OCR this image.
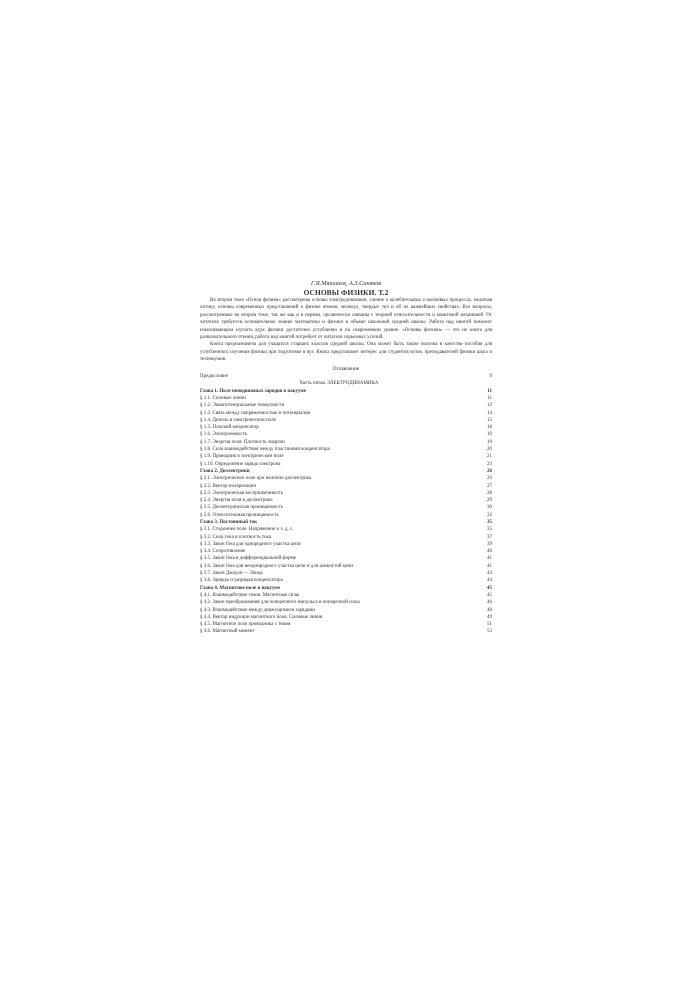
Г.Я.Мякишев, А.З.Синяков
ОСНОВЫ ФИЗИКИ. Т.2

Во втором томе «Основ физики» рассмотрены основы электродинамики, учение о колебательных и волновых процессах, включая оптику, основы современных представлений о физике атомов, молекул, твердых тел и об их важнейших свойствах. Все вопросы, рассмотренные во втором томе, так же как и в первом, органически связаны с теорией относительности и квантовой механикой. От читателя требуется основательное знание математики и физики в объеме школьной средней школы. Работа над книгой поможет изыскивающим изучить курс физики достаточно углубленно и на современном уровне. «Основы физики» — это не книга для развлекательного чтения, работа над книгой потребует от читателя серьезных усилий.

Книга предназначена для учащихся старших классов средней школы. Она может быть также полезна в качестве пособия для углубленного изучения физики при подготовке в вуз. Книга представляет интерес для студентов вузов, преподавателей физики школ и техникумов.

Оглавление
Предисловие	9
Часть пятая. ЭЛЕКТРОДИНАМИКА
Глава 1. Поле неподвижных зарядов в вакууме	11
§ 1.1. Силовые линии	11
§ 1.2. Эквипотенциальные поверхности	12
§ 1.3. Связь между напряженностью и потенциалом	14
§ 1.4. Диполь в электрическом поле	15
§ 1.5. Плоский конденсатор	18
§ 1.6. Электроемкость	19
§ 1.7. Энергия поля. Плотность энергии	19
§ 1.8. Сила взаимодействия между пластинами конденсатора	20
§ 1.9. Проводник в электрическом поле	21
§ 1.10. Определение заряда электрона	23
Глава 2. Диэлектрики	26
§ 2.1. Электрическое поле при наличии диэлектрика	26
§ 2.2. Вектор поляризации	27
§ 2.3. Электрическая восприимчивость	28
§ 2.4. Энергия поля в диэлектрике	29
§ 2.5. Диэлектрическая проницаемость	30
§ 2.6. Относительная проницаемость	32
Глава 3. Постоянный ток	35
§ 3.1. Стороннее поле. Напряжение и э. д. с.	35
§ 3.2. Сила тока и плотность тока	37
§ 3.3. Закон Ома для однородного участка цепи	39
§ 3.4. Сопротивление	40
§ 3.5. Закон Ома в дифференциальной форме	41
§ 3.6. Закон Ома для неоднородного участка цепи и для замкнутой цепи	41
§ 3.7. Закон Джоуля — Ленца	43
§ 3.8. Зарядка и разрядка конденсатора	44
Глава 4. Магнитное поле в вакууме	45
§ 4.1. Взаимодействие токов. Магнитные силы	45
§ 4.2. Закон преобразования для поперечного импульса и поперечной силы	46
§ 4.3. Взаимодействие между движущимися зарядами	48
§ 4.4. Вектор индукции магнитного поля. Силовые линии	49
§ 4.5. Магнитное поле проводника с током	51
§ 4.6. Магнитный момент	53
